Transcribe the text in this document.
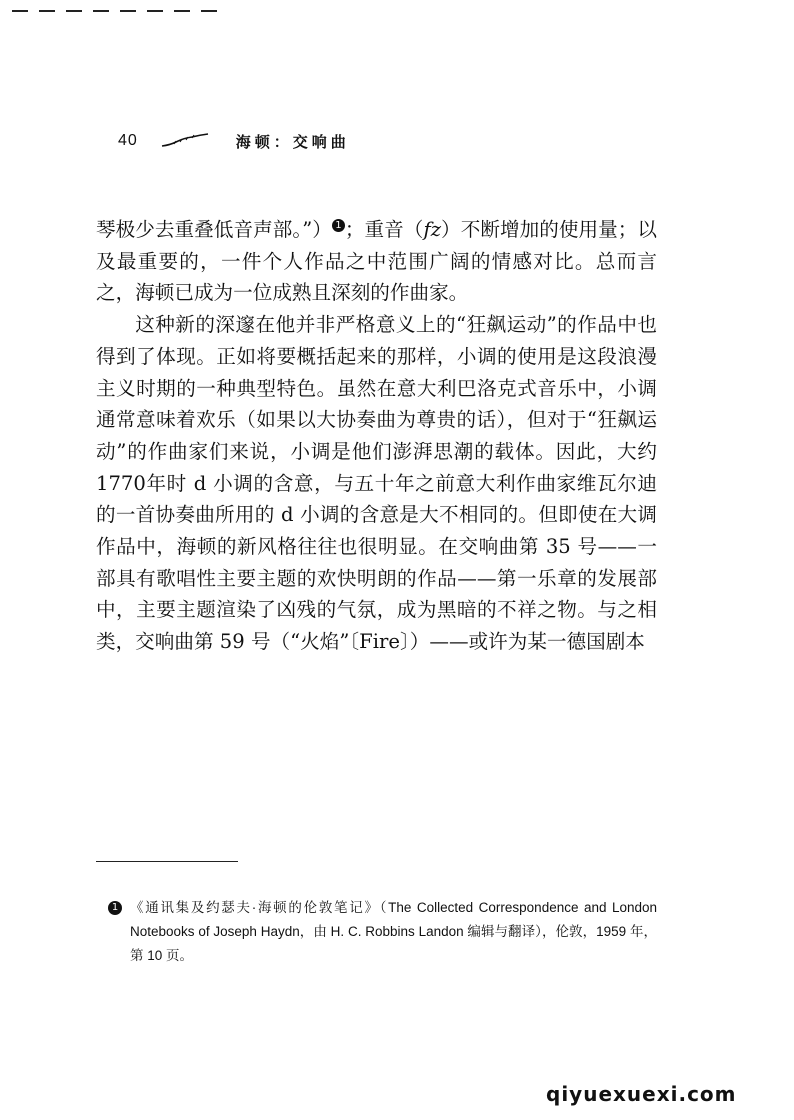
40	海顿：交响曲

琴极少去重叠低音声部。”） 1 ；重音（fz）不断增加的使用量；以及最重要的，一件个人作品之中范围广阔的情感对比。总而言之，海顿已成为一位成熟且深刻的作曲家。

这种新的深邃在他并非严格意义上的“狂飙运动”的作品中也得到了体现。正如将要概括起来的那样，小调的使用是这段浪漫 主义时期的一种典型特色。虽然在意大利巴洛克式音乐中，小调通常意味着欢乐（如果以大协奏曲为尊贵的话），但对于“狂飙运动”的作曲家们来说，小调是他们澎湃思潮的载体。因此，大约1770年时 d 小调的含意，与五十年之前意大利作曲家维瓦尔迪的一首协奏曲所用的 d 小调的含意是大不相同的。但即使在大调作品中，海顿的新风格往往也很明显。在交响曲第 35 号——一部具有歌唱性主要主题的欢快明朗的作品——第一乐章的发展部中，主要主题渲染了凶残的气氛，成为黑暗的不祥之物。与之相类，交响曲第 59 号（“火焰”〔Fire〕）——或许为某一德国剧本

1 《通讯集及约瑟夫·海顿的伦敦笔记》（The Collected Correspondence and London Notebooks of Joseph Haydn，由 H. C. Robbins Landon 编辑与翻译），伦敦，1959 年，第 10 页。
qiyuexuexi.com
